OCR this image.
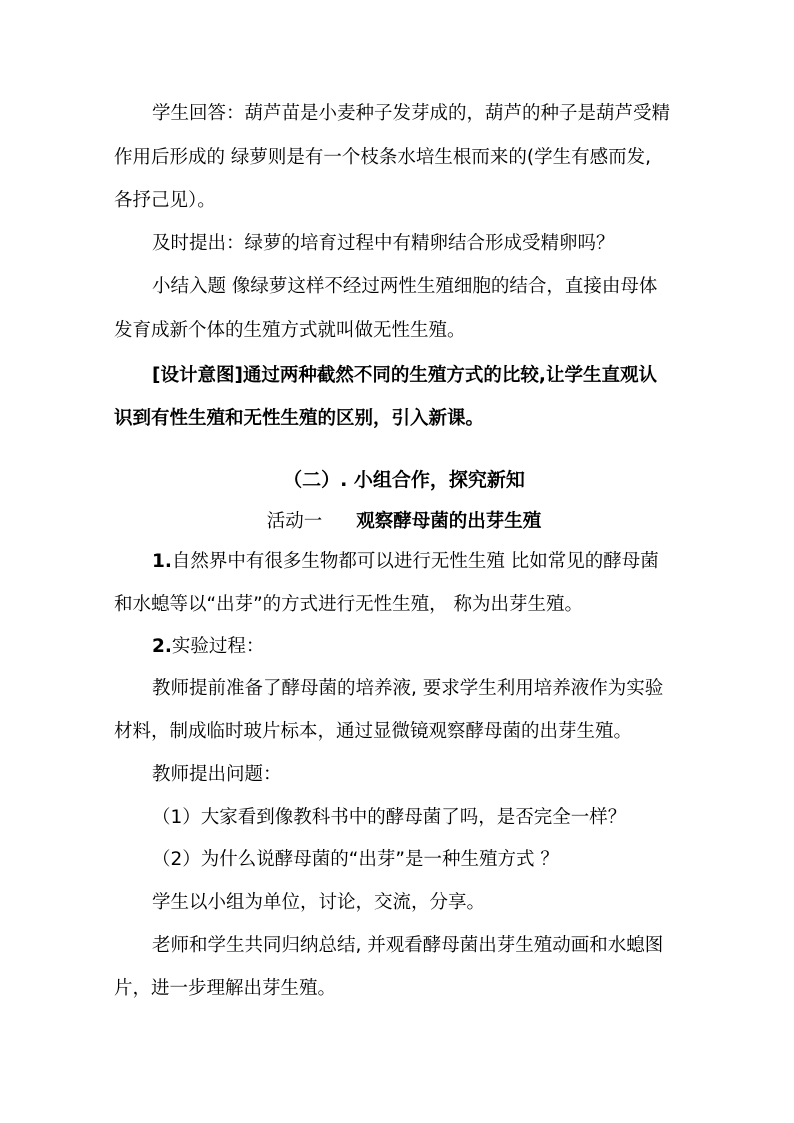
学生回答：葫芦苗是小麦种子发芽成的，葫芦的种子是葫芦受精
作用后形成的 绿萝则是有一个枝条水培生根而来的(学生有感而发,
各抒己见）。
及时提出：绿萝的培育过程中有精卵结合形成受精卵吗？
小结入题 像绿萝这样不经过两性生殖细胞的结合，直接由母体
发育成新个体的生殖方式就叫做无性生殖。
[设计意图]通过两种截然不同的生殖方式的比较,让学生直观认
识到有性生殖和无性生殖的区别，引入新课。
（二）. 小组合作，探究新知
活动一 观察酵母菌的出芽生殖
1.自然界中有很多生物都可以进行无性生殖 比如常见的酵母菌
和水螅等以“出芽”的方式进行无性生殖， 称为出芽生殖。
2.实验过程：
教师提前准备了酵母菌的培养液, 要求学生利用培养液作为实验
材料，制成临时玻片标本，通过显微镜观察酵母菌的出芽生殖。
教师提出问题：
（1）大家看到像教科书中的酵母菌了吗，是否完全一样？
（2）为什么说酵母菌的“出芽”是一种生殖方式 ？
学生以小组为单位，讨论，交流，分享。
老师和学生共同归纳总结, 并观看酵母菌出芽生殖动画和水螅图
片，进一步理解出芽生殖。
